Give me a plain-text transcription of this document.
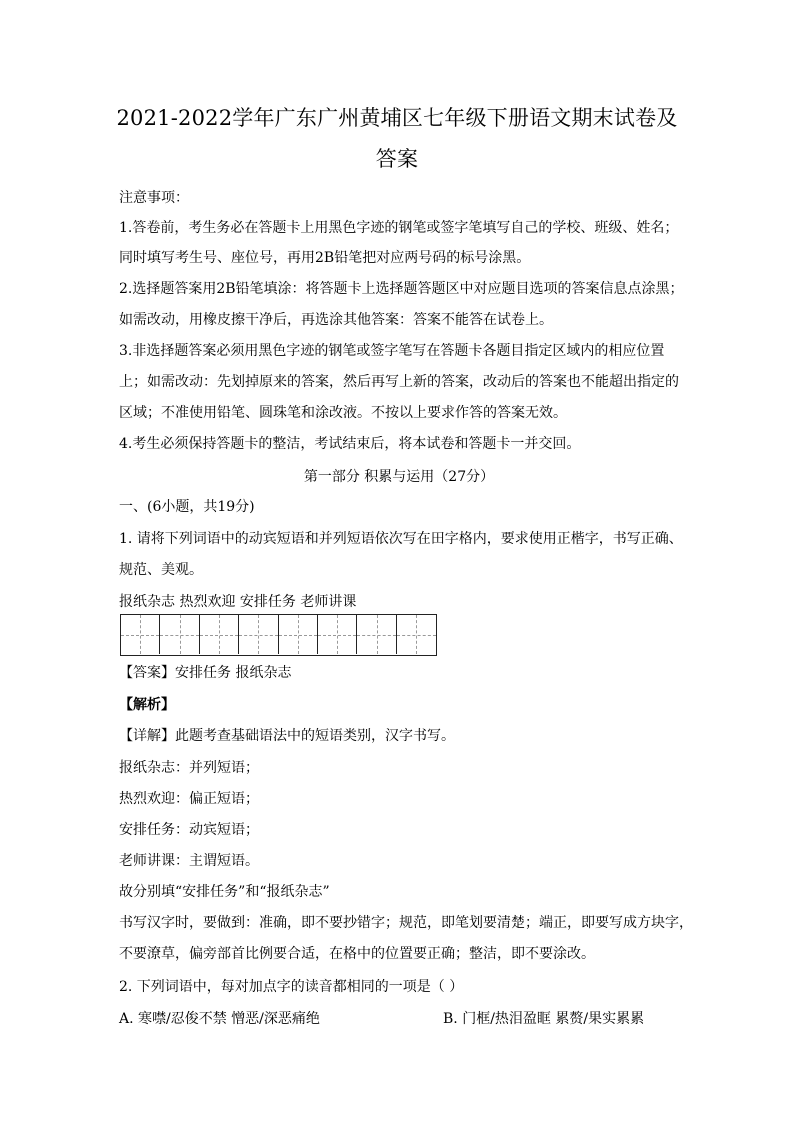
2021-2022学年广东广州黄埔区七年级下册语文期末试卷及
答案
注意事项：
1.答卷前，考生务必在答题卡上用黑色字迹的钢笔或签字笔填写自己的学校、班级、姓名；
同时填写考生号、座位号，再用2B铅笔把对应两号码的标号涂黑。
2.选择题答案用2B铅笔填涂：将答题卡上选择题答题区中对应题目选项的答案信息点涂黑；
如需改动，用橡皮擦干净后，再选涂其他答案：答案不能答在试卷上。
3.非选择题答案必须用黑色字迹的钢笔或签字笔写在答题卡各题目指定区域内的相应位置
上；如需改动：先划掉原来的答案，然后再写上新的答案，改动后的答案也不能超出指定的
区域；不准使用铅笔、圆珠笔和涂改液。不按以上要求作答的答案无效。
4.考生必须保持答题卡的整洁，考试结束后，将本试卷和答题卡一并交回。
第一部分 积累与运用（27分）
一、(6小题，共19分)
1. 请将下列词语中的动宾短语和并列短语依次写在田字格内，要求使用正楷字，书写正确、
规范、美观。
报纸杂志 热烈欢迎 安排任务 老师讲课
【答案】安排任务 报纸杂志
【解析】
【详解】此题考查基础语法中的短语类别，汉字书写。
报纸杂志：并列短语；
热烈欢迎：偏正短语；
安排任务：动宾短语；
老师讲课：主谓短语。
故分别填“安排任务”和“报纸杂志”
书写汉字时，要做到：准确，即不要抄错字；规范，即笔划要清楚；端正，即要写成方块字，
不要潦草，偏旁部首比例要合适，在格中的位置要正确；整洁，即不要涂改。
2. 下列词语中，每对加点字的读音都相同的一项是（ ）
A. 寒噤/忍俊不禁 憎恶/深恶痛绝	B. 门框/热泪盈眶 累赘/果实累累
